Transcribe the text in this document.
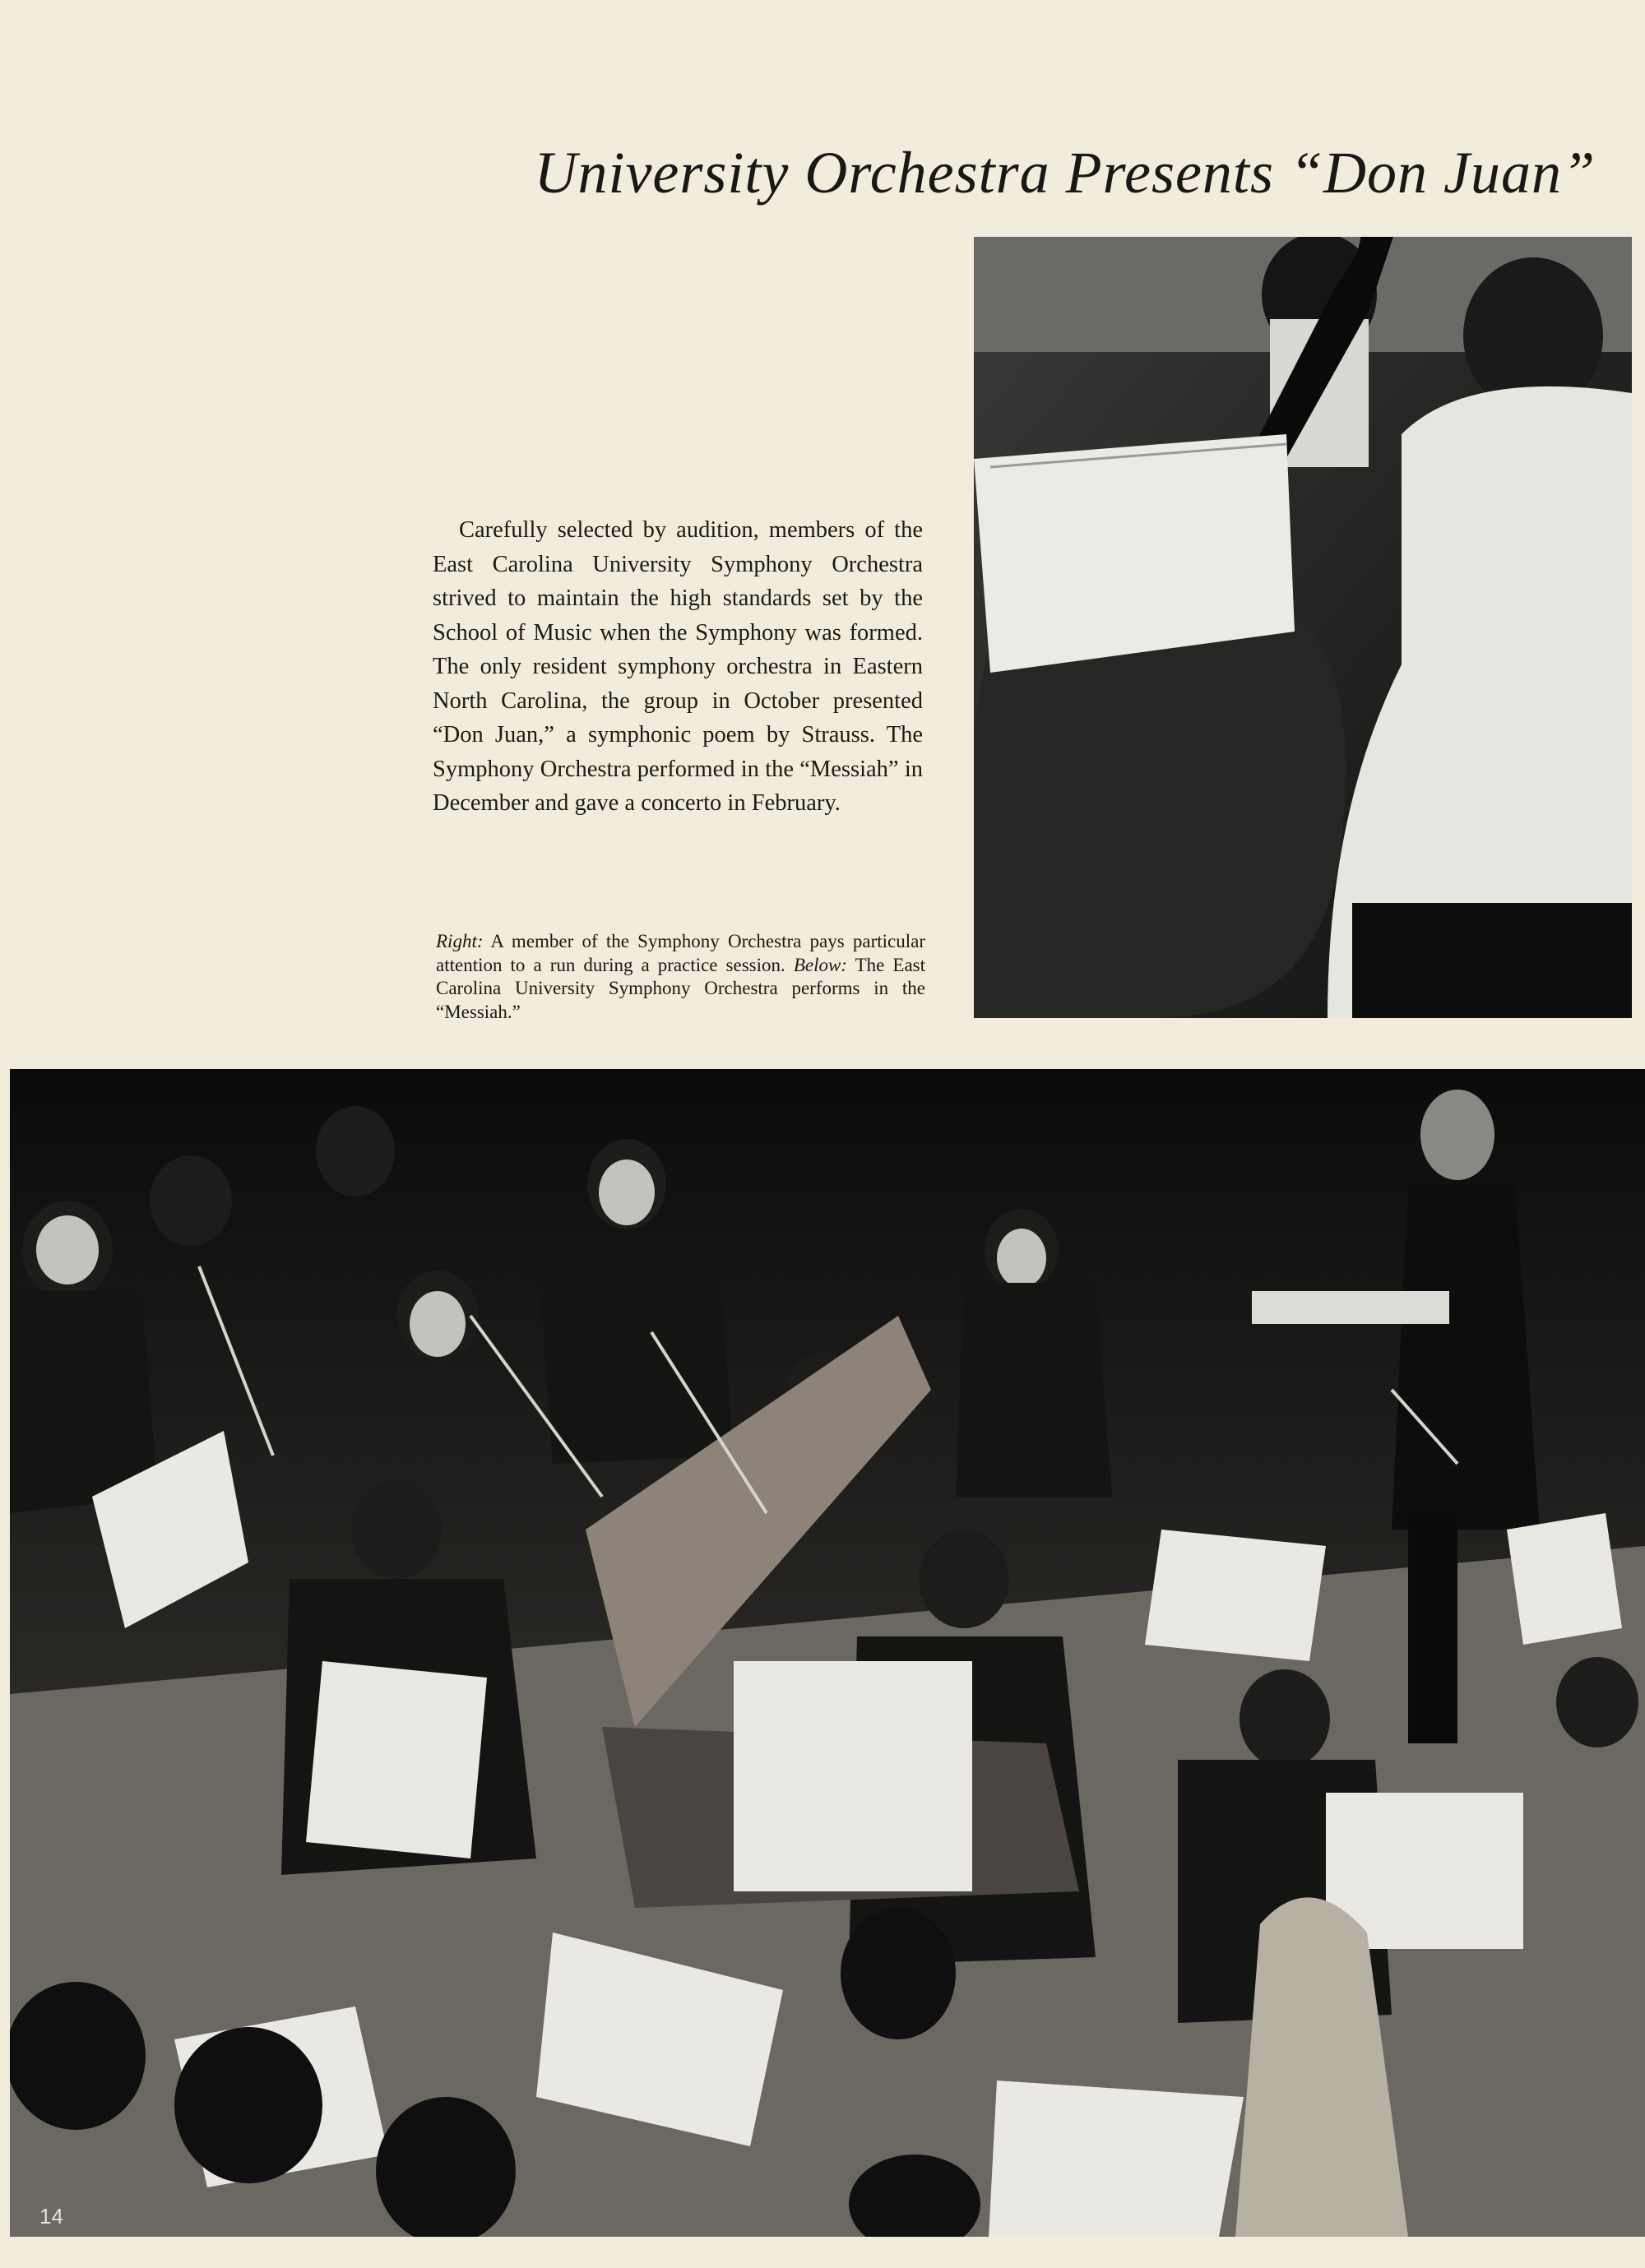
University Orchestra Presents “Don Juan”

Carefully selected by audition, members of the East Carolina University Symphony Orchestra strived to maintain the high standards set by the School of Music when the Symphony was formed. The only resident symphony orchestra in Eastern North Carolina, the group in October presented “Don Juan,” a symphonic poem by Strauss. The Symphony Orchestra performed in the “Messiah” in December and gave a concerto in February.

Right: A member of the Symphony Orchestra pays particular attention to a run during a practice session. Below: The East Carolina University Symphony Orchestra performs in the “Messiah.”

14
